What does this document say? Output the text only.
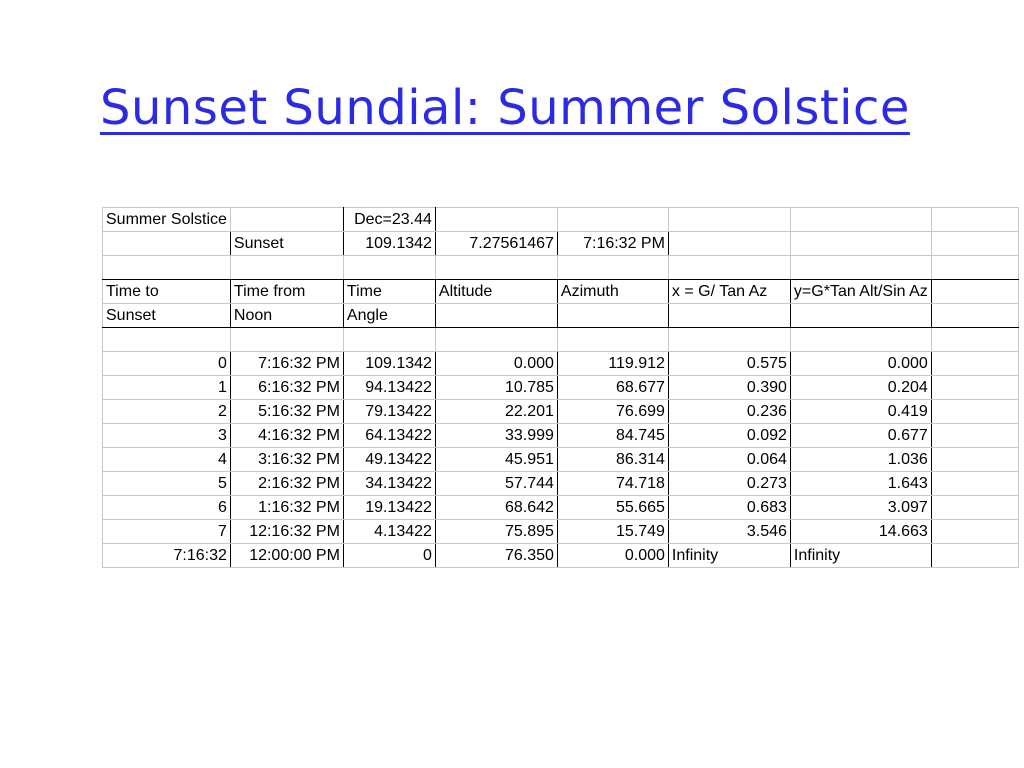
Sunset Sundial: Summer Solstice
Summer Solstice		Dec=23.44					
	Sunset	109.1342	7.27561467	7:16:32 PM			

Time to	Time from	Time	Altitude	Azimuth	x = G/ Tan Az	y=G*Tan Alt/Sin Az	
Sunset	Noon	Angle					

0	7:16:32 PM	109.1342	0.000	119.912	0.575	0.000	
1	6:16:32 PM	94.13422	10.785	68.677	0.390	0.204	
2	5:16:32 PM	79.13422	22.201	76.699	0.236	0.419	
3	4:16:32 PM	64.13422	33.999	84.745	0.092	0.677	
4	3:16:32 PM	49.13422	45.951	86.314	0.064	1.036	
5	2:16:32 PM	34.13422	57.744	74.718	0.273	1.643	
6	1:16:32 PM	19.13422	68.642	55.665	0.683	3.097	
7	12:16:32 PM	4.13422	75.895	15.749	3.546	14.663	
7:16:32	12:00:00 PM	0	76.350	0.000	Infinity	Infinity	
